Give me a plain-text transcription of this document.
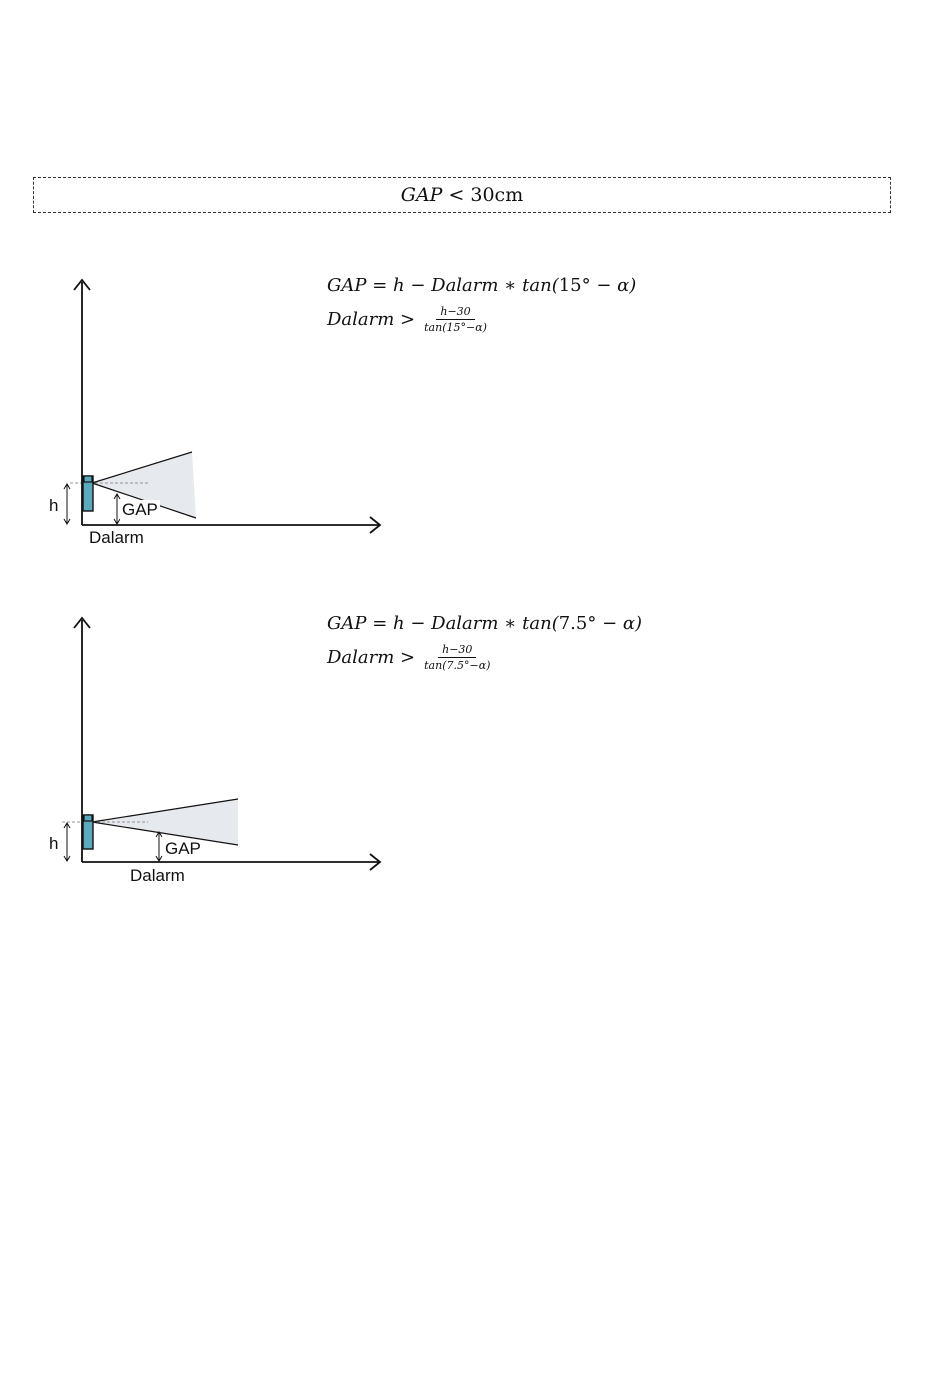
GAP < 30cm
h	GAP
Dalarm
GAP = h − Dalarm ∗ tan(15° − α)
Dalarm > $\frac{h-30}{\tan(15^\circ-\alpha)}$
h	GAP
Dalarm
GAP = h − Dalarm ∗ tan(7.5° − α)
Dalarm > $\frac{h-30}{\tan(7.5^\circ-\alpha)}$
